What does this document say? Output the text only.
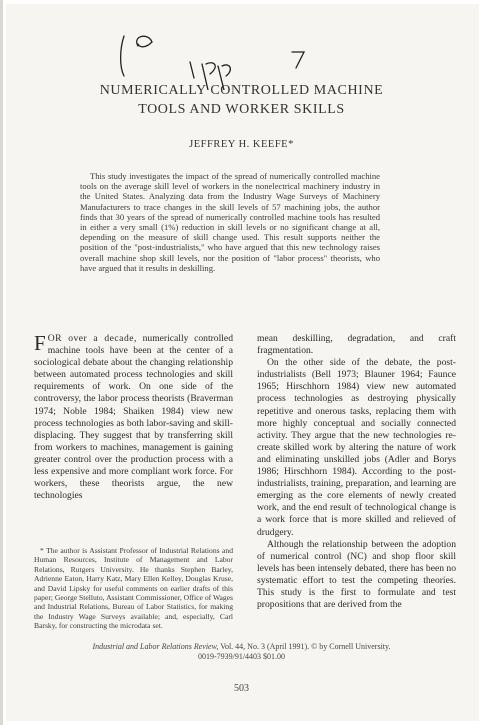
NUMERICALLY CONTROLLED MACHINE
TOOLS AND WORKER SKILLS
JEFFREY H. KEEFE*

This study investigates the impact of the spread of numerically controlled machine tools on the average skill level of workers in the nonelectrical machinery industry in the United States. Analyzing data from the Industry Wage Surveys of Machinery Manufacturers to trace changes in the skill levels of 57 machining jobs, the author finds that 30 years of the spread of numerically controlled machine tools has resulted in either a very small (1%) reduction in skill levels or no significant change at all, depending on the measure of skill change used. This result supports neither the position of the "post-industrialists," who have argued that this new technology raises overall machine shop skill levels, nor the position of "labor process" theorists, who have argued that it results in deskilling.

FOR over a decade, numerically controlled machine tools have been at the center of a sociological debate about the changing relationship between automated process technologies and skill requirements of work. On one side of the controversy, the labor process theorists (Braverman 1974; Noble 1984; Shaiken 1984) view new process technologies as both labor-saving and skill-displacing. They suggest that by transferring skill from workers to machines, management is gaining greater control over the production process with a less expensive and more compliant work force. For workers, these theorists argue, the new technologies

mean deskilling, degradation, and craft fragmentation.

On the other side of the debate, the post-industrialists (Bell 1973; Blauner 1964; Faunce 1965; Hirschhorn 1984) view new automated process technologies as destroying physically repetitive and onerous tasks, replacing them with more highly conceptual and socially connected activity. They argue that the new technologies re-create skilled work by altering the nature of work and eliminating unskilled jobs (Adler and Borys 1986; Hirschhorn 1984). According to the post-industrialists, training, preparation, and learning are emerging as the core elements of newly created work, and the end result of technological change is a work force that is more skilled and relieved of drudgery.

Although the relationship between the adoption of numerical control (NC) and shop floor skill levels has been intensely debated, there has been no systematic effort to test the competing theories. This study is the first to formulate and test propositions that are derived from the

* The author is Assistant Professor of Industrial Relations and Human Resources, Institute of Management and Labor Relations, Rutgers University. He thanks Stephen Barley, Adrienne Eaton, Harry Katz, Mary Ellen Kelley, Douglas Kruse, and David Lipsky for useful comments on earlier drafts of this paper; George Stelluto, Assistant Commissioner, Office of Wages and Industrial Relations, Bureau of Labor Statistics, for making the Industry Wage Surveys available; and, especially, Carl Barsky, for constructing the microdata set.

Industrial and Labor Relations Review, Vol. 44, No. 3 (April 1991). © by Cornell University.
0019-7939/91/4403 $01.00
503
